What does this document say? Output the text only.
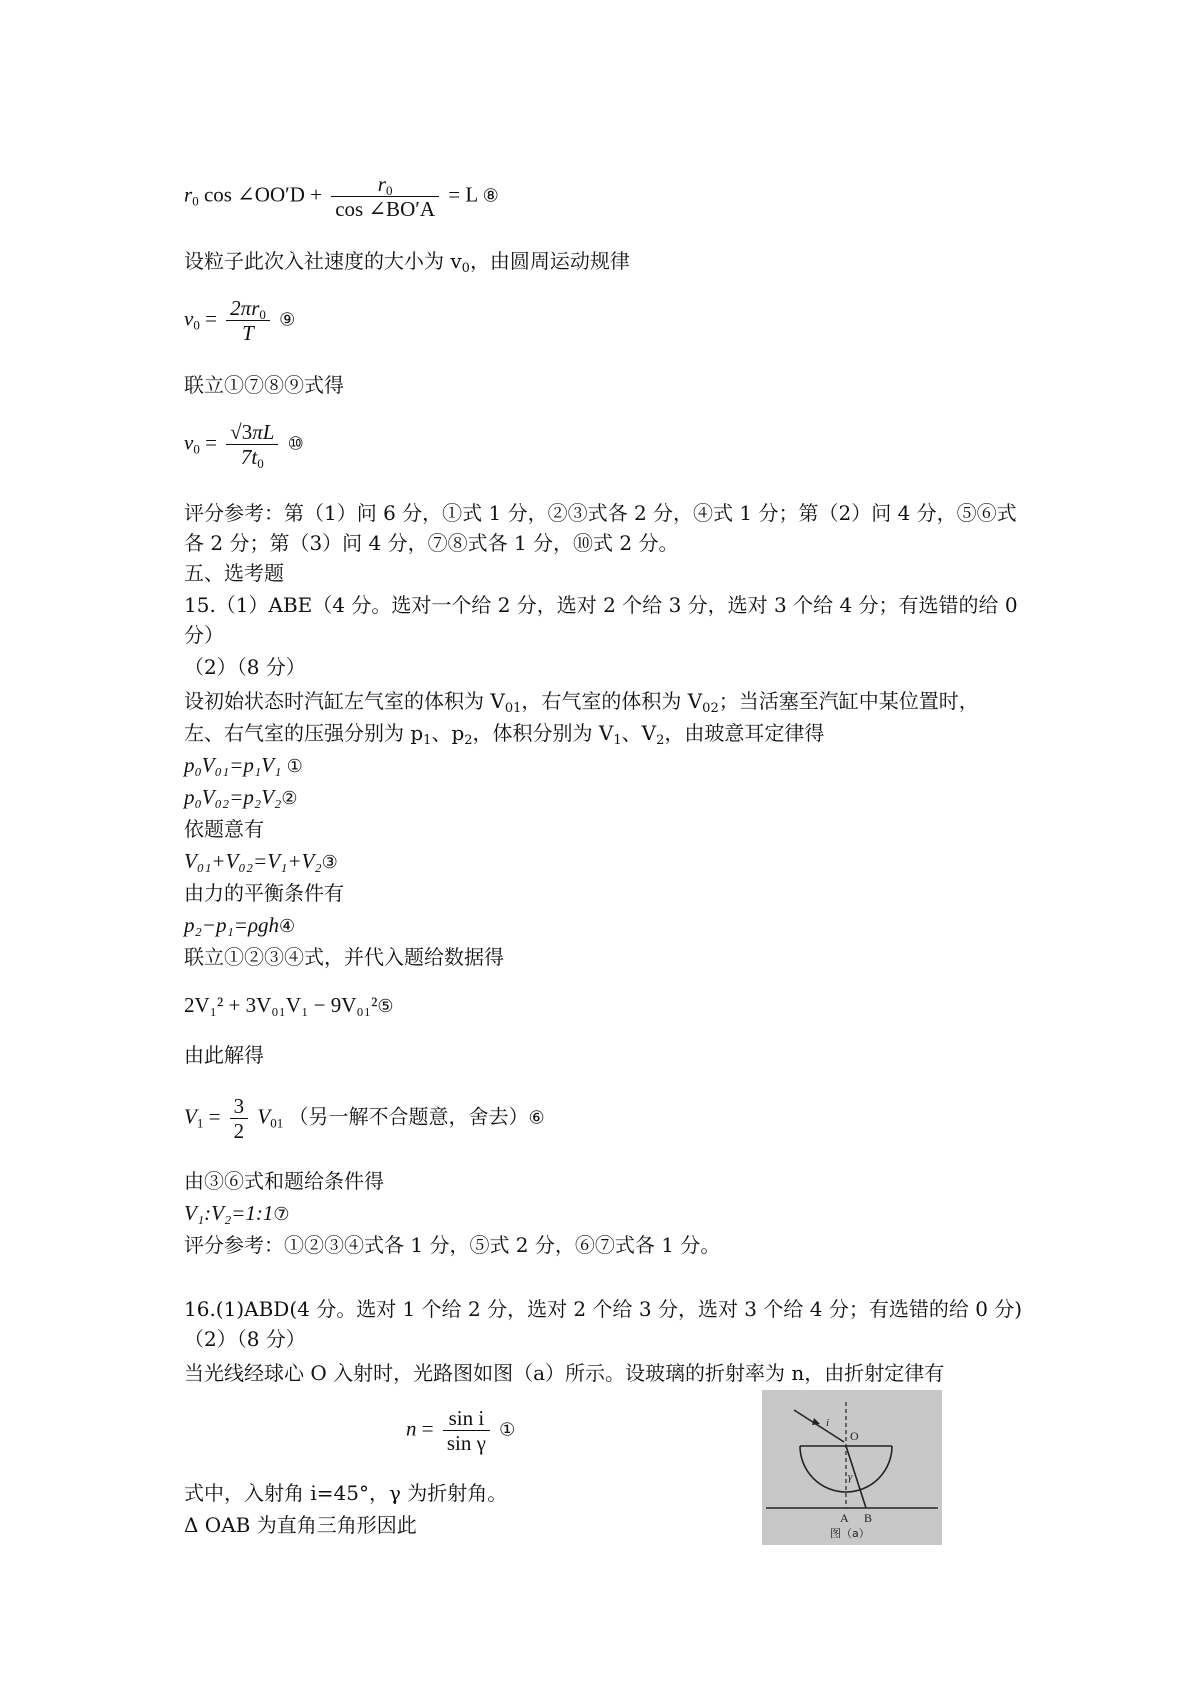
$r_0$ cos ∠OO′D + $\frac{r_0}{\cos \angle BO'A} = L$ ⑧
设粒子此次入社速度的大小为 $v_0$，由圆周运动规律
$v_0 = \frac{2\pi r_0}{T}$ ⑨
联立①⑦⑧⑨式得
$v_0 = \frac{√3\pi L}{7t_0}$ ⑩
评分参考：第（1）问 6 分，①式 1 分，②③式各 2 分，④式 1 分；第（2）问 4 分，⑤⑥式
各 2 分；第（3）问 4 分，⑦⑧式各 1 分，⑩式 2 分。
五、选考题
15.（1）ABE（4 分。选对一个给 2 分，选对 2 个给 3 分，选对 3 个给 4 分；有选错的给 0
分）
（2）（8 分）
设初始状态时汽缸左气室的体积为 $V_{01}$，右气室的体积为 $V_{02}$；当活塞至汽缸中某位置时，
左、右气室的压强分别为 $p_1$、$p_2$，体积分别为 $V_1$、$V_2$，由玻意耳定律得
p₀V₀₁=p₁V₁ ①
p₀V₀₂=p₂V₂②
依题意有
V₀₁+V₀₂=V₁+V₂③
由力的平衡条件有
p₂−p₁=ρgh④
联立①②③④式，并代入题给数据得
2V₁² + 3V₀₁V₁ − 9V₀₁²⑤
由此解得
$V_1 = \frac{3}{2} V_{01}$ （另一解不合题意，舍去）⑥
由③⑥式和题给条件得
V₁:V₂=1:1⑦
评分参考：①②③④式各 1 分，⑤式 2 分，⑥⑦式各 1 分。
16.(1)ABD(4 分。选对 1 个给 2 分，选对 2 个给 3 分，选对 3 个给 4 分；有选错的给 0 分)
（2）（8 分）
当光线经球心 O 入射时，光路图如图（a）所示。设玻璃的折射率为 n，由折射定律有
$n = \frac{\text{sin i}}{\text{sin γ}}$ ①
式中，入射角 i=45°，γ 为折射角。
Δ OAB 为直角三角形因此
i
O
γ
A B
图（a）
